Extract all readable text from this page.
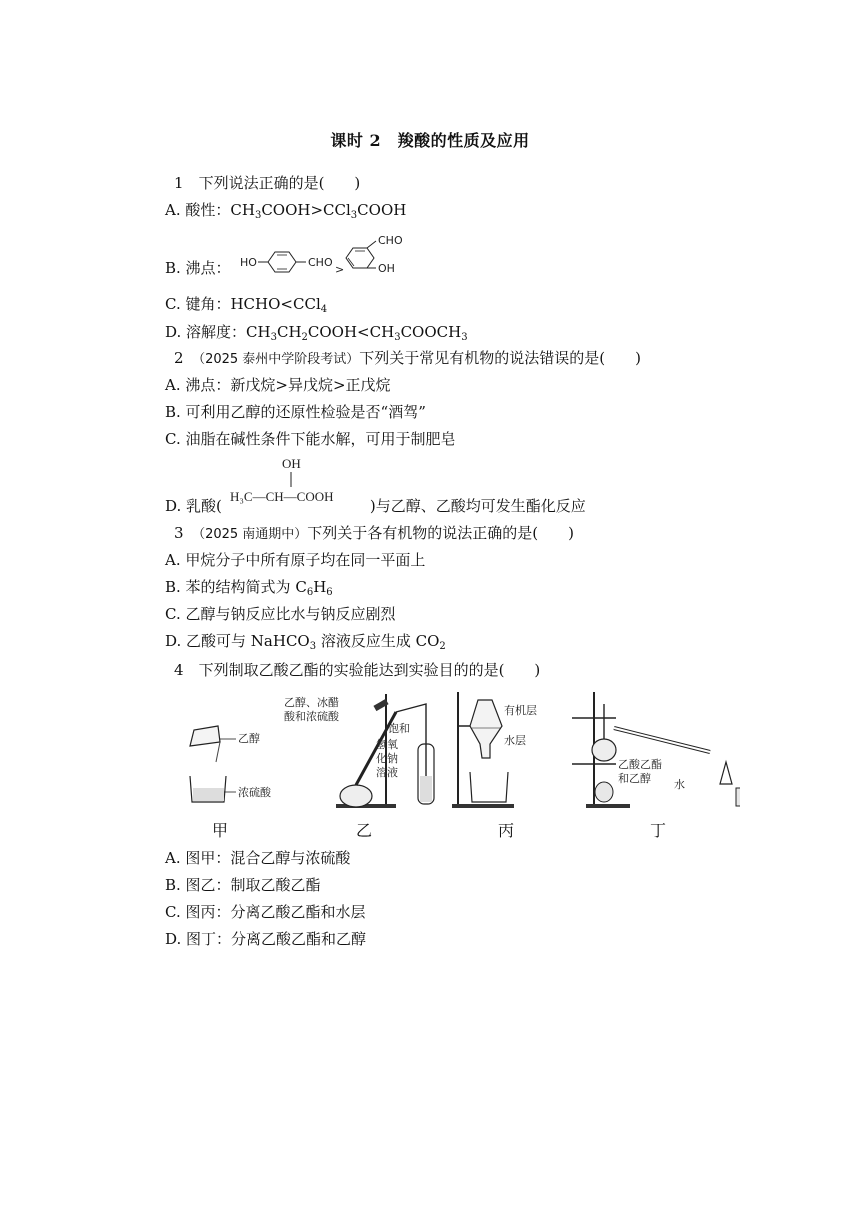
课时 2　羧酸的性质及应用
1　 下列说法正确的是(　　)
A. 酸性：$CH_3COOH>CCl_3COOH$
B. 沸点： HO	CHO
>
CHO
OH
C. 键角：HCHO<CCl$_4$
D. 溶解度：$CH_3CH_2COOH<CH_3COOCH_3$
2　 （2025 泰州中学阶段考试）下列关于常见有机物的说法错误的是(　　)
A. 沸点：新戊烷>异戊烷>正戊烷
B. 可利用乙醇的还原性检验是否“酒驾”
C. 油脂在碱性条件下能水解，可用于制肥皂
D. 乳酸(	)与乙醇、乙酸均可发生酯化反应
OH
H₃C—CH—COOH
3　 （2025 南通期中）下列关于各有机物的说法正确的是(　　)
A. 甲烷分子中所有原子均在同一平面上
B. 苯的结构简式为 $C_6H_6$
C. 乙醇与钠反应比水与钠反应剧烈
D. 乙酸可与 NaHCO$_3$ 溶液反应生成 $CO_2$
4　 下列制取乙酸乙酯的实验能达到实验目的的是(　　)
乙醇
浓硫酸
甲
乙醇、冰醋
酸和浓硫酸
饱和
氢氧
化钠
溶液
乙
有机层
水层
丙
乙酸乙酯
和乙醇 水
丁
A. 图甲：混合乙醇与浓硫酸
B. 图乙：制取乙酸乙酯
C. 图丙：分离乙酸乙酯和水层
D. 图丁：分离乙酸乙酯和乙醇
